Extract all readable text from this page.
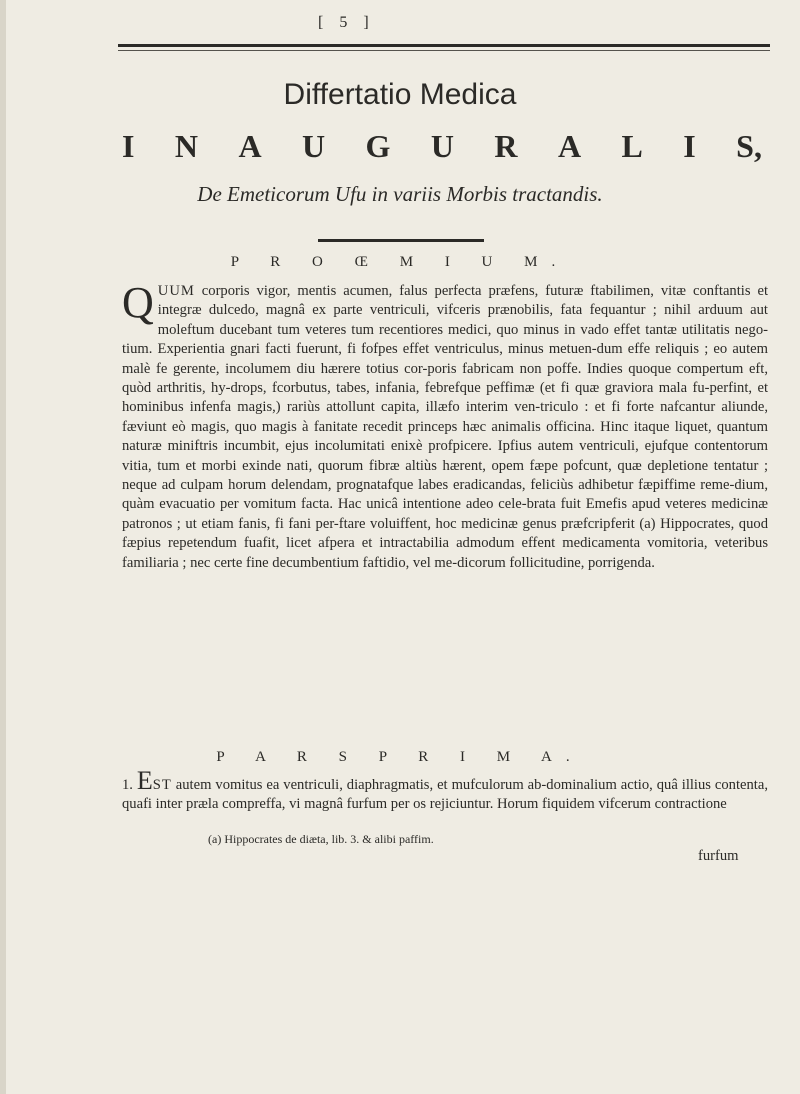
[ 5 ]
Differtatio Medica
I N A U G U R A L I S,
De Emeticorum Ufu in variis Morbis tractandis.
P R O Œ M I U M.

QUUM corporis vigor, mentis acumen, falus perfecta præfens, futuræ ftabilimen, vitæ conftantis et integræ dulcedo, magnâ ex parte ventriculi, vifceris prænobilis, fata fequantur ; nihil arduum aut moleftum ducebant tum veteres tum recentiores medici, quo minus in vado effet tantæ utilitatis nego-tium. Experientia gnari facti fuerunt, fi fofpes effet ventriculus, minus metuen-dum effe reliquis ; eo autem malè fe gerente, incolumem diu hærere totius cor-poris fabricam non poffe. Indies quoque compertum eft, quòd arthritis, hy-drops, fcorbutus, tabes, infania, febrefque peffimæ (et fi quæ graviora mala fu-perfint, et hominibus infenfa magis,) rariùs attollunt capita, illæfo interim ven-triculo : et fi forte nafcantur aliunde, fæviunt eò magis, quo magis à fanitate recedit princeps hæc animalis officina. Hinc itaque liquet, quantum naturæ miniftris incumbit, ejus incolumitati enixè profpicere. Ipfius autem ventriculi, ejufque contentorum vitia, tum et morbi exinde nati, quorum fibræ altiùs hærent, opem fæpe pofcunt, quæ depletione tentatur ; neque ad culpam horum delendam, prognatafque labes eradicandas, feliciùs adhibetur fæpiffime reme-dium, quàm evacuatio per vomitum facta. Hac unicâ intentione adeo cele-brata fuit Emefis apud veteres medicinæ patronos ; ut etiam fanis, fi fani per-ftare voluiffent, hoc medicinæ genus præfcripferit (a) Hippocrates, quod fæpius repetendum fuafit, licet afpera et intractabilia admodum effent medicamenta vomitoria, veteribus familiaria ; nec certe fine decumbentium faftidio, vel me-dicorum follicitudine, porrigenda.

P A R S P R I M A.
1. EST autem vomitus ea ventriculi, diaphragmatis, et mufculorum ab-dominalium actio, quâ illius contenta, quafi inter præla compreffa, vi magnâ furfum per os rejiciuntur. Horum fiquidem vifcerum contractione
(a) Hippocrates de diæta, lib. 3. & alibi paffim.
furfum
